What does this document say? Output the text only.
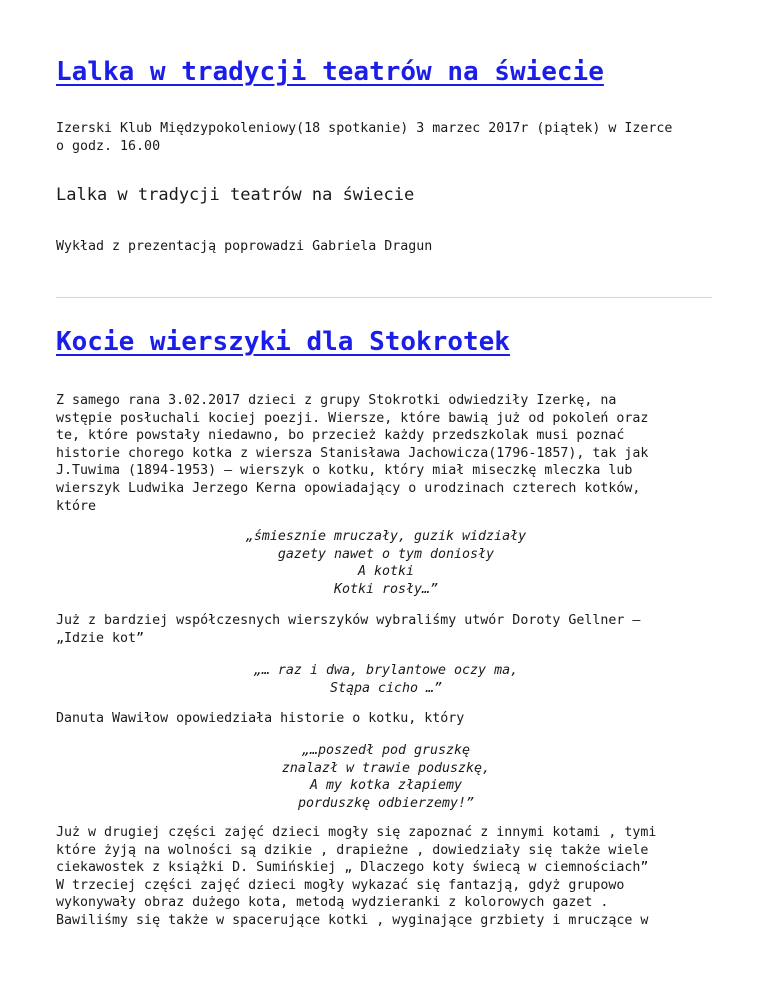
Lalka w tradycji teatrów na świecie

Izerski Klub Międzypokoleniowy(18 spotkanie) 3 marzec 2017r (piątek) w Izerce
o godz. 16.00

Lalka w tradycji teatrów na świecie

Wykład z prezentacją poprowadzi Gabriela Dragun

Kocie wierszyki dla Stokrotek

Z samego rana 3.02.2017 dzieci z grupy Stokrotki odwiedziły Izerkę, na
wstępie posłuchali kociej poezji. Wiersze, które bawią już od pokoleń oraz
te, które powstały niedawno, bo przecież każdy przedszkolak musi poznać
historie chorego kotka z wiersza Stanisława Jachowicza(1796-1857), tak jak
J.Tuwima (1894-1953) – wierszyk o kotku, który miał miseczkę mleczka lub
wierszyk Ludwika Jerzego Kerna opowiadający o urodzinach czterech kotków,
które

„śmiesznie mruczały, guzik widziały
gazety nawet o tym doniosły
A kotki
Kotki rosły…”

Już z bardziej współczesnych wierszyków wybraliśmy utwór Doroty Gellner –
„Idzie kot”

„… raz i dwa, brylantowe oczy ma,
Stąpa cicho …”

Danuta Wawiłow opowiedziała historie o kotku, który

„…poszedł pod gruszkę
znalazł w trawie poduszkę,
A my kotka złapiemy
porduszkę odbierzemy!”

Już w drugiej części zajęć dzieci mogły się zapoznać z innymi kotami , tymi
które żyją na wolności są dzikie , drapieżne , dowiedziały się także wiele
ciekawostek z książki D. Sumińskiej „ Dlaczego koty świecą w ciemnościach”
W trzeciej części zajęć dzieci mogły wykazać się fantazją, gdyż grupowo
wykonywały obraz dużego kota, metodą wydzieranki z kolorowych gazet .
Bawiliśmy się także w spacerujące kotki , wyginające grzbiety i mruczące w
